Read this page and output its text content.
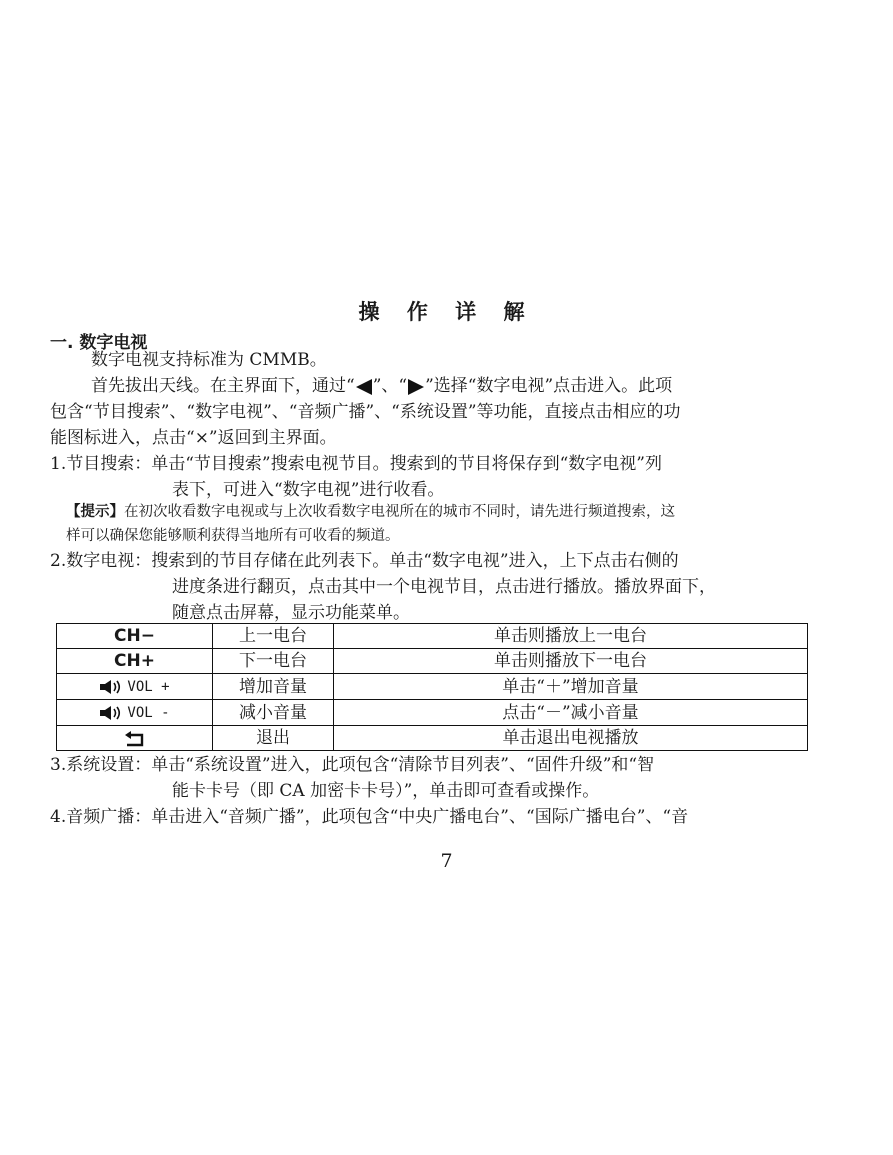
操 作 详 解
一. 数字电视
数字电视支持标准为 CMMB。
首先拔出天线。在主界面下，通过“ ”、“ ”选择“数字电视”点击进入。此项
包含“节目搜索”、“数字电视”、“音频广播”、“系统设置”等功能，直接点击相应的功
能图标进入，点击“×”返回到主界面。
1.节目搜索：单击“节目搜索”搜索电视节目。搜索到的节目将保存到“数字电视”列
表下，可进入“数字电视”进行收看。
【提示】在初次收看数字电视或与上次收看数字电视所在的城市不同时，请先进行频道搜索，这
样可以确保您能够顺利获得当地所有可收看的频道。
2.数字电视：搜索到的节目存储在此列表下。单击“数字电视”进入，上下点击右侧的
进度条进行翻页，点击其中一个电视节目，点击进行播放。播放界面下，
随意点击屏幕，显示功能菜单。
CH−	上一电台	单击则播放上一电台
CH+	下一电台	单击则播放下一电台
VOL +	增加音量	单击“＋”增加音量
VOL -	减小音量	点击“－”减小音量
	退出	单击退出电视播放
3.系统设置：单击“系统设置”进入，此项包含“清除节目列表”、“固件升级”和“智
能卡卡号（即 CA 加密卡卡号）”，单击即可查看或操作。
4.音频广播：单击进入“音频广播”，此项包含“中央广播电台”、“国际广播电台”、“音
7
